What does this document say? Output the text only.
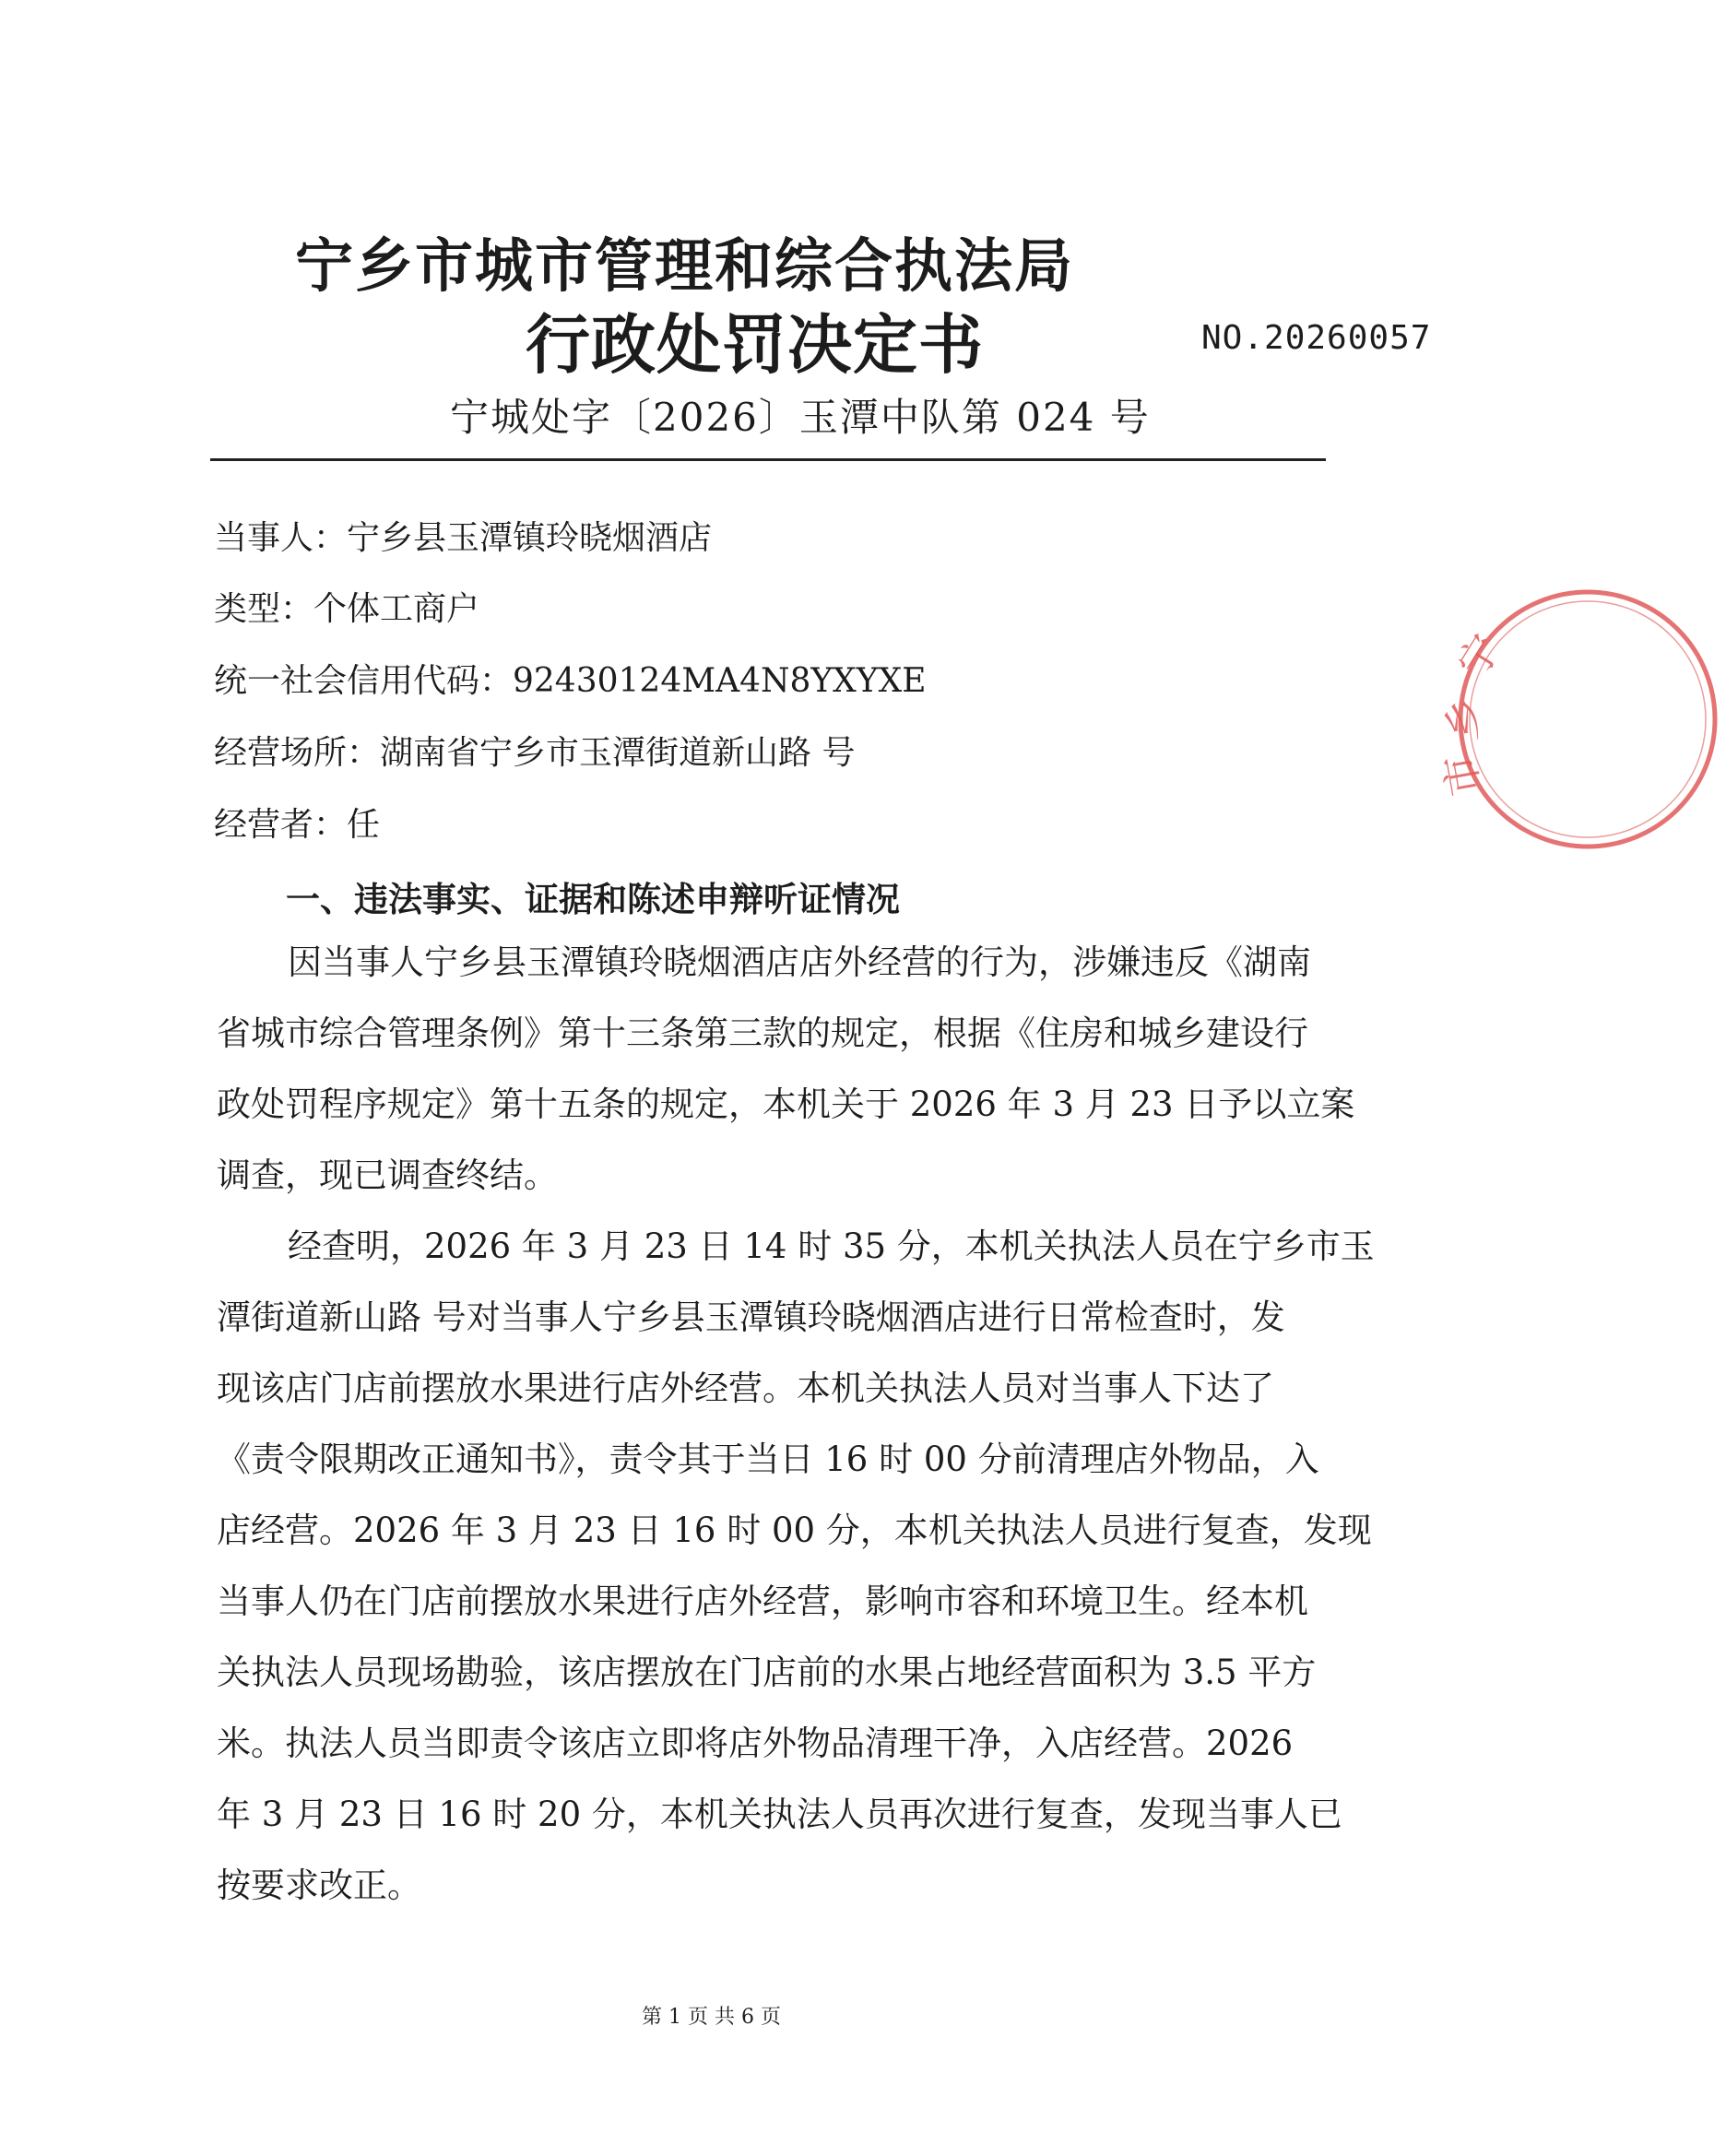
宁乡市城市管理和综合执法局
行政处罚决定书	NO.20260057
宁城处字〔2026〕玉潭中队第 024 号
当事人：宁乡县玉潭镇玲晓烟酒店
类型：个体工商户
统一社会信用代码：92430124MA4N8YXYXE
经营场所：湖南省宁乡市玉潭街道新山路 号
经营者：任
一、违法事实、证据和陈述申辩听证情况
因当事人宁乡县玉潭镇玲晓烟酒店店外经营的行为，涉嫌违反《湖南
省城市综合管理条例》第十三条第三款的规定，根据《住房和城乡建设行
政处罚程序规定》第十五条的规定，本机关于 2026 年 3 月 23 日予以立案
调查，现已调查终结。
经查明，2026 年 3 月 23 日 14 时 35 分，本机关执法人员在宁乡市玉
潭街道新山路 号对当事人宁乡县玉潭镇玲晓烟酒店进行日常检查时，发
现该店门店前摆放水果进行店外经营。本机关执法人员对当事人下达了
《责令限期改正通知书》，责令其于当日 16 时 00 分前清理店外物品，入
店经营。2026 年 3 月 23 日 16 时 00 分，本机关执法人员进行复查，发现
当事人仍在门店前摆放水果进行店外经营，影响市容和环境卫生。经本机
关执法人员现场勘验，该店摆放在门店前的水果占地经营面积为 3.5 平方
米。执法人员当即责令该店立即将店外物品清理干净，入店经营。2026
年 3 月 23 日 16 时 20 分，本机关执法人员再次进行复查，发现当事人已
按要求改正。
第 1 页 共 6 页
宁
乡
市
